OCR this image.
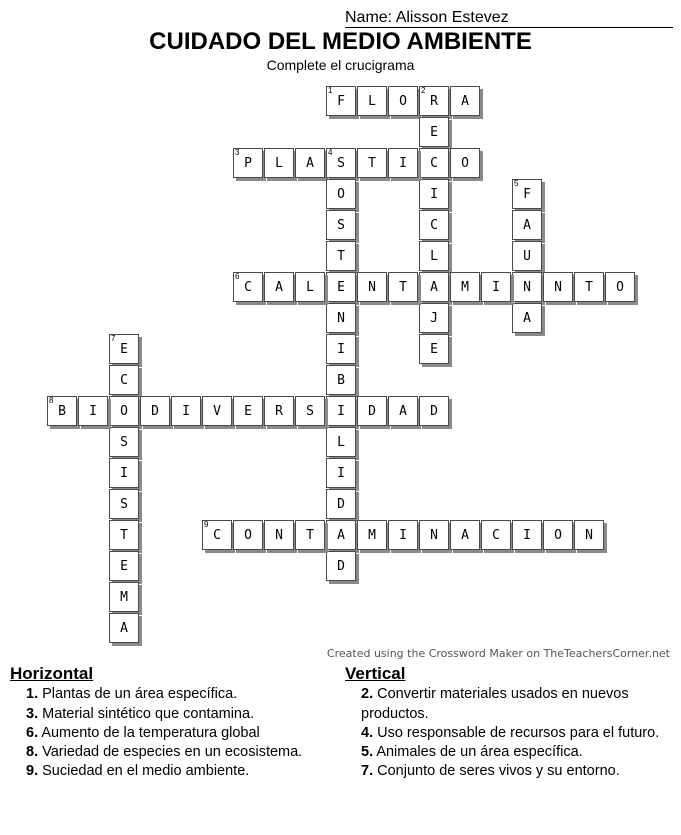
Name: Alisson Estevez
CUIDADO DEL MEDIO AMBIENTE
Complete el crucigrama
F
1
L O R
2
A
E
C
I
C
L
A
J
E
P
3
L A S
4
T I	O
O
S
T
E
N
I
B
I
L
I
D
A
D
F
5
A
U
N
A
C
6
A L	N T	M I	N T O
E
7
C
O
S
I
S
T
E
M
A
B
8
I	D I V E R S	D A D
C
9
O N T	M I N A C I O N
Created using the Crossword Maker on TheTeachersCorner.net
Horizontal
1. Plantas de un área específica.
3. Material sintético que contamina.
6. Aumento de la temperatura global
8. Variedad de especies en un ecosistema.
9. Suciedad en el medio ambiente.
Vertical
2. Convertir materiales usados en nuevos productos.
4. Uso responsable de recursos para el futuro.
5. Animales de un área específica.
7. Conjunto de seres vivos y su entorno.
